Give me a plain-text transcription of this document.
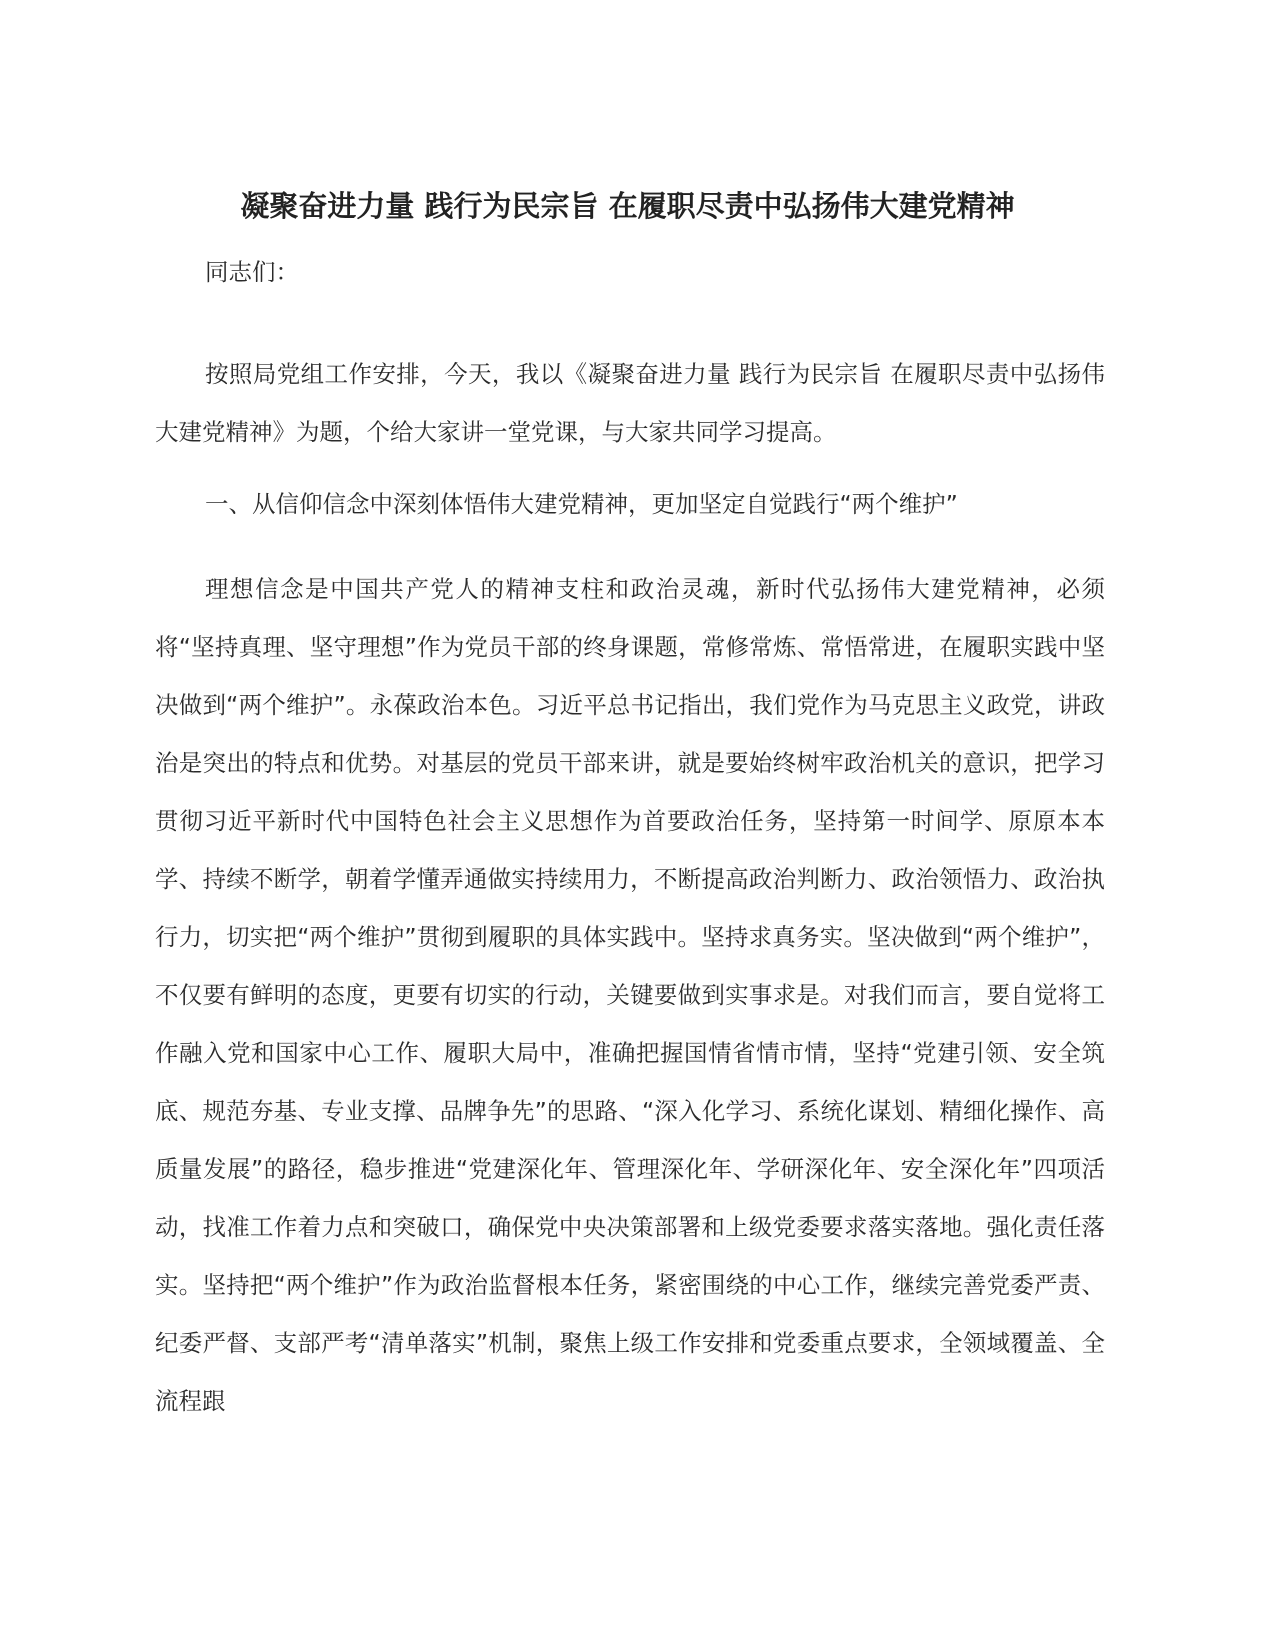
凝聚奋进力量 践行为民宗旨 在履职尽责中弘扬伟大建党精神

同志们：

按照局党组工作安排，今天，我以《凝聚奋进力量 践行为民宗旨 在履职尽责中弘扬伟大建党精神》为题，个给大家讲一堂党课，与大家共同学习提高。

一、从信仰信念中深刻体悟伟大建党精神，更加坚定自觉践行“两个维护”

理想信念是中国共产党人的精神支柱和政治灵魂，新时代弘扬伟大建党精神，必须将“坚持真理、坚守理想”作为党员干部的终身课题，常修常炼、常悟常进，在履职实践中坚决做到“两个维护”。永葆政治本色。习近平总书记指出，我们党作为马克思主义政党，讲政治是突出的特点和优势。对基层的党员干部来讲，就是要始终树牢政治机关的意识，把学习贯彻习近平新时代中国特色社会主义思想作为首要政治任务，坚持第一时间学、原原本本学、持续不断学，朝着学懂弄通做实持续用力，不断提高政治判断力、政治领悟力、政治执行力，切实把“两个维护”贯彻到履职的具体实践中。坚持求真务实。坚决做到“两个维护”，不仅要有鲜明的态度，更要有切实的行动，关键要做到实事求是。对我们而言，要自觉将工作融入党和国家中心工作、履职大局中，准确把握国情省情市情，坚持“党建引领、安全筑底、规范夯基、专业支撑、品牌争先”的思路、“深入化学习、系统化谋划、精细化操作、高质量发展”的路径，稳步推进“党建深化年、管理深化年、学研深化年、安全深化年”四项活动，找准工作着力点和突破口，确保党中央决策部署和上级党委要求落实落地。强化责任落实。坚持把“两个维护”作为政治监督根本任务，紧密围绕的中心工作，继续完善党委严责、纪委严督、支部严考“清单落实”机制，聚焦上级工作安排和党委重点要求，全领域覆盖、全流程跟
